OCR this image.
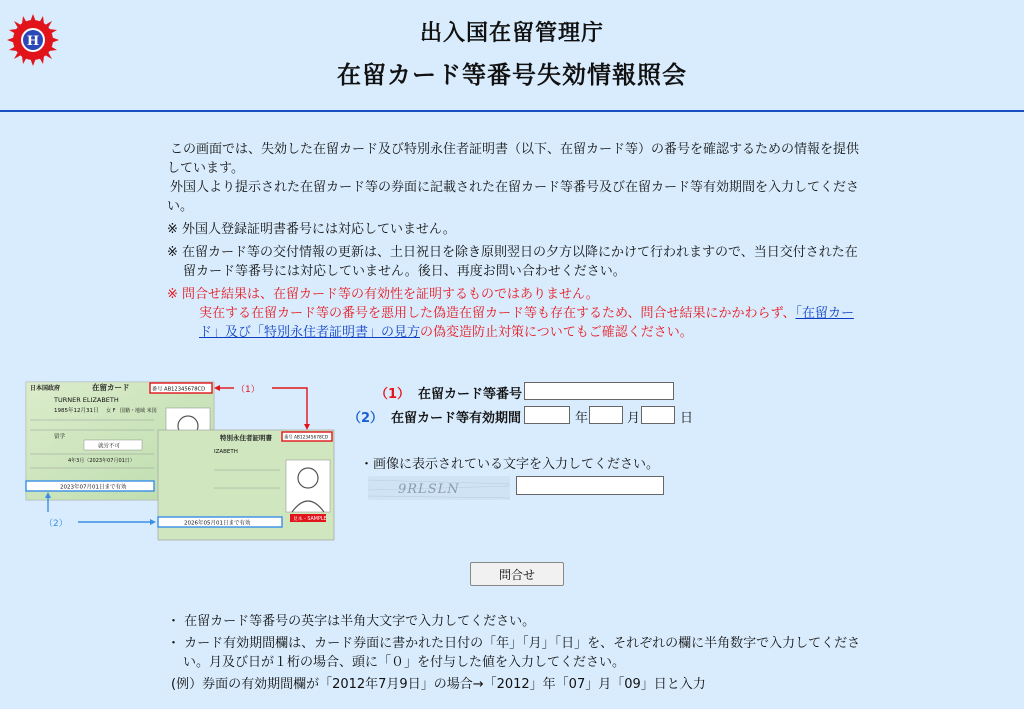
H	出入国在留管理庁
在留カード等番号失効情報照会

この画面では、失効した在留カード及び特別永住者証明書（以下、在留カード等）の番号を確認するための情報を提供しています。

外国人より提示された在留カード等の券面に記載された在留カード等番号及び在留カード等有効期間を入力してください。

※ 外国人登録証明書番号には対応していません。

※ 在留カード等の交付情報の更新は、土日祝日を除き原則翌日の夕方以降にかけて行われますので、当日交付された在留カード等番号には対応していません。後日、再度お問い合わせください。

※ 問合せ結果は、在留カード等の有効性を証明するものではありません。
実在する在留カード等の番号を悪用した偽造在留カード等も存在するため、問合せ結果にかかわらず、「在留カード」及び「特別永住者証明書」の見方の偽変造防止対策についてもご確認ください。

日本国政府	在留カード	番号 AB12345678CD
TURNER ELIZABETH
1985年12月31日 女 F 国籍・地域 米国
留学
就労不可
4年3月（2023年07月01日）
2023年07月01日まで有効
特別永住者証明書	番号 AB12345678CD
IZABETH
見本・SAMPLE
2026年05月01日まで有効
（1）
（2）
（1） 在留カード等番号
（2） 在留カード等有効期間	年	月	日
・画像に表示されている文字を入力してください。
9RLSLN
問合せ

・ 在留カード等番号の英字は半角大文字で入力してください。

・ カード有効期間欄は、カード券面に書かれた日付の「年」「月」「日」を、それぞれの欄に半角数字で入力してください。月及び日が１桁の場合、頭に「０」を付与した値を入力してください。

(例）券面の有効期間欄が「2012年7月9日」の場合→「2012」年「07」月「09」日と入力
